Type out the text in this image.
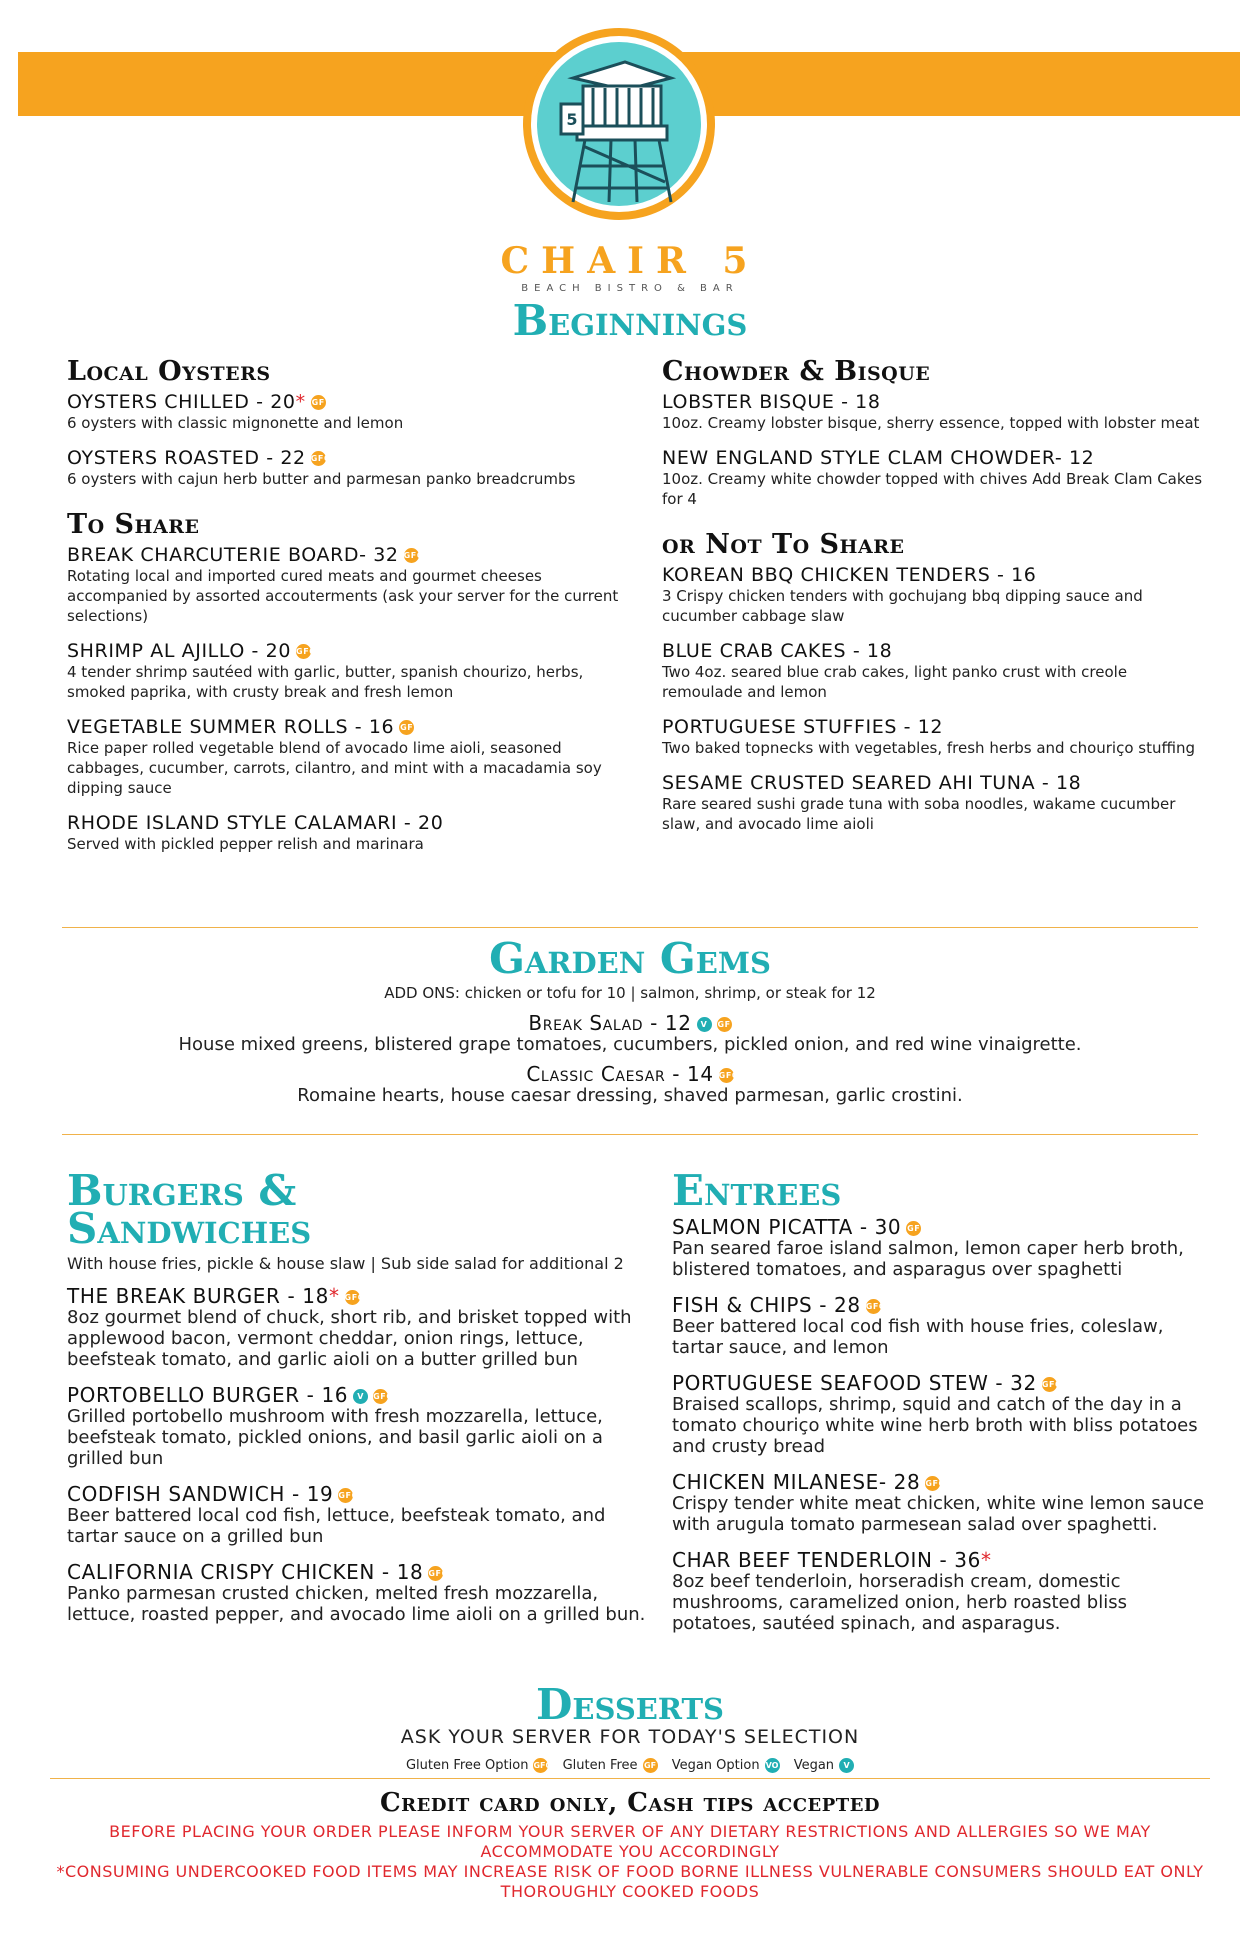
5
CHAIR 5
BEACH BISTRO & BAR
Beginnings
Local Oysters
OYSTERS CHILLED - 20* GF
6 oysters with classic mignonette and lemon
OYSTERS ROASTED - 22 GFO
6 oysters with cajun herb butter and parmesan panko breadcrumbs
To Share
BREAK CHARCUTERIE BOARD- 32 GFO
Rotating local and imported cured meats and gourmet cheeses accompanied by assorted accouterments (ask your server for the current selections)
SHRIMP AL AJILLO - 20 GFO
4 tender shrimp sautéed with garlic, butter, spanish chourizo, herbs, smoked paprika, with crusty break and fresh lemon
VEGETABLE SUMMER ROLLS - 16 GF
Rice paper rolled vegetable blend of avocado lime aioli, seasoned cabbages, cucumber, carrots, cilantro, and mint with a macadamia soy dipping sauce
RHODE ISLAND STYLE CALAMARI - 20
Served with pickled pepper relish and marinara
Chowder & Bisque
LOBSTER BISQUE - 18
10oz. Creamy lobster bisque, sherry essence, topped with lobster meat
NEW ENGLAND STYLE CLAM CHOWDER- 12
10oz. Creamy white chowder topped with chives Add Break Clam Cakes for 4
or Not To Share
KOREAN BBQ CHICKEN TENDERS - 16
3 Crispy chicken tenders with gochujang bbq dipping sauce and cucumber cabbage slaw
BLUE CRAB CAKES - 18
Two 4oz. seared blue crab cakes, light panko crust with creole remoulade and lemon
PORTUGUESE STUFFIES - 12
Two baked topnecks with vegetables, fresh herbs and chouriço stuffing
SESAME CRUSTED SEARED AHI TUNA - 18
Rare seared sushi grade tuna with soba noodles, wakame cucumber slaw, and avocado lime aioli
Garden Gems
ADD ONS: chicken or tofu for 10 | salmon, shrimp, or steak for 12
Break Salad - 12 V GF
House mixed greens, blistered grape tomatoes, cucumbers, pickled onion, and red wine vinaigrette.
Classic Caesar - 14 GFO
Romaine hearts, house caesar dressing, shaved parmesan, garlic crostini.
Burgers & Sandwiches
With house fries, pickle & house slaw | Sub side salad for additional 2
THE BREAK BURGER - 18* GFO
8oz gourmet blend of chuck, short rib, and brisket topped with applewood bacon, vermont cheddar, onion rings, lettuce, beefsteak tomato, and garlic aioli on a butter grilled bun
PORTOBELLO BURGER - 16 V GFO
Grilled portobello mushroom with fresh mozzarella, lettuce, beefsteak tomato, pickled onions, and basil garlic aioli on a grilled bun
CODFISH SANDWICH - 19 GFO
Beer battered local cod fish, lettuce, beefsteak tomato, and tartar sauce on a grilled bun
CALIFORNIA CRISPY CHICKEN - 18 GFO
Panko parmesan crusted chicken, melted fresh mozzarella, lettuce, roasted pepper, and avocado lime aioli on a grilled bun.
Entrees
SALMON PICATTA - 30 GF
Pan seared faroe island salmon, lemon caper herb broth, blistered tomatoes, and asparagus over spaghetti
FISH & CHIPS - 28 GFO
Beer battered local cod fish with house fries, coleslaw, tartar sauce, and lemon
PORTUGUESE SEAFOOD STEW - 32 GFO
Braised scallops, shrimp, squid and catch of the day in a tomato chouriço white wine herb broth with bliss potatoes and crusty bread
CHICKEN MILANESE- 28 GFO
Crispy tender white meat chicken, white wine lemon sauce with arugula tomato parmesean salad over spaghetti.
CHAR BEEF TENDERLOIN - 36*
8oz beef tenderloin, horseradish cream, domestic mushrooms, caramelized onion, herb roasted bliss potatoes, sautéed spinach, and asparagus.
Desserts
ASK YOUR SERVER FOR TODAY'S SELECTION
Gluten Free Option GFO Gluten Free GF Vegan Option VO Vegan V
Credit card only, Cash tips accepted
BEFORE PLACING YOUR ORDER PLEASE INFORM YOUR SERVER OF ANY DIETARY RESTRICTIONS AND ALLERGIES SO WE MAY ACCOMMODATE YOU ACCORDINGLY
*CONSUMING UNDERCOOKED FOOD ITEMS MAY INCREASE RISK OF FOOD BORNE ILLNESS VULNERABLE CONSUMERS SHOULD EAT ONLY THOROUGHLY COOKED FOODS
